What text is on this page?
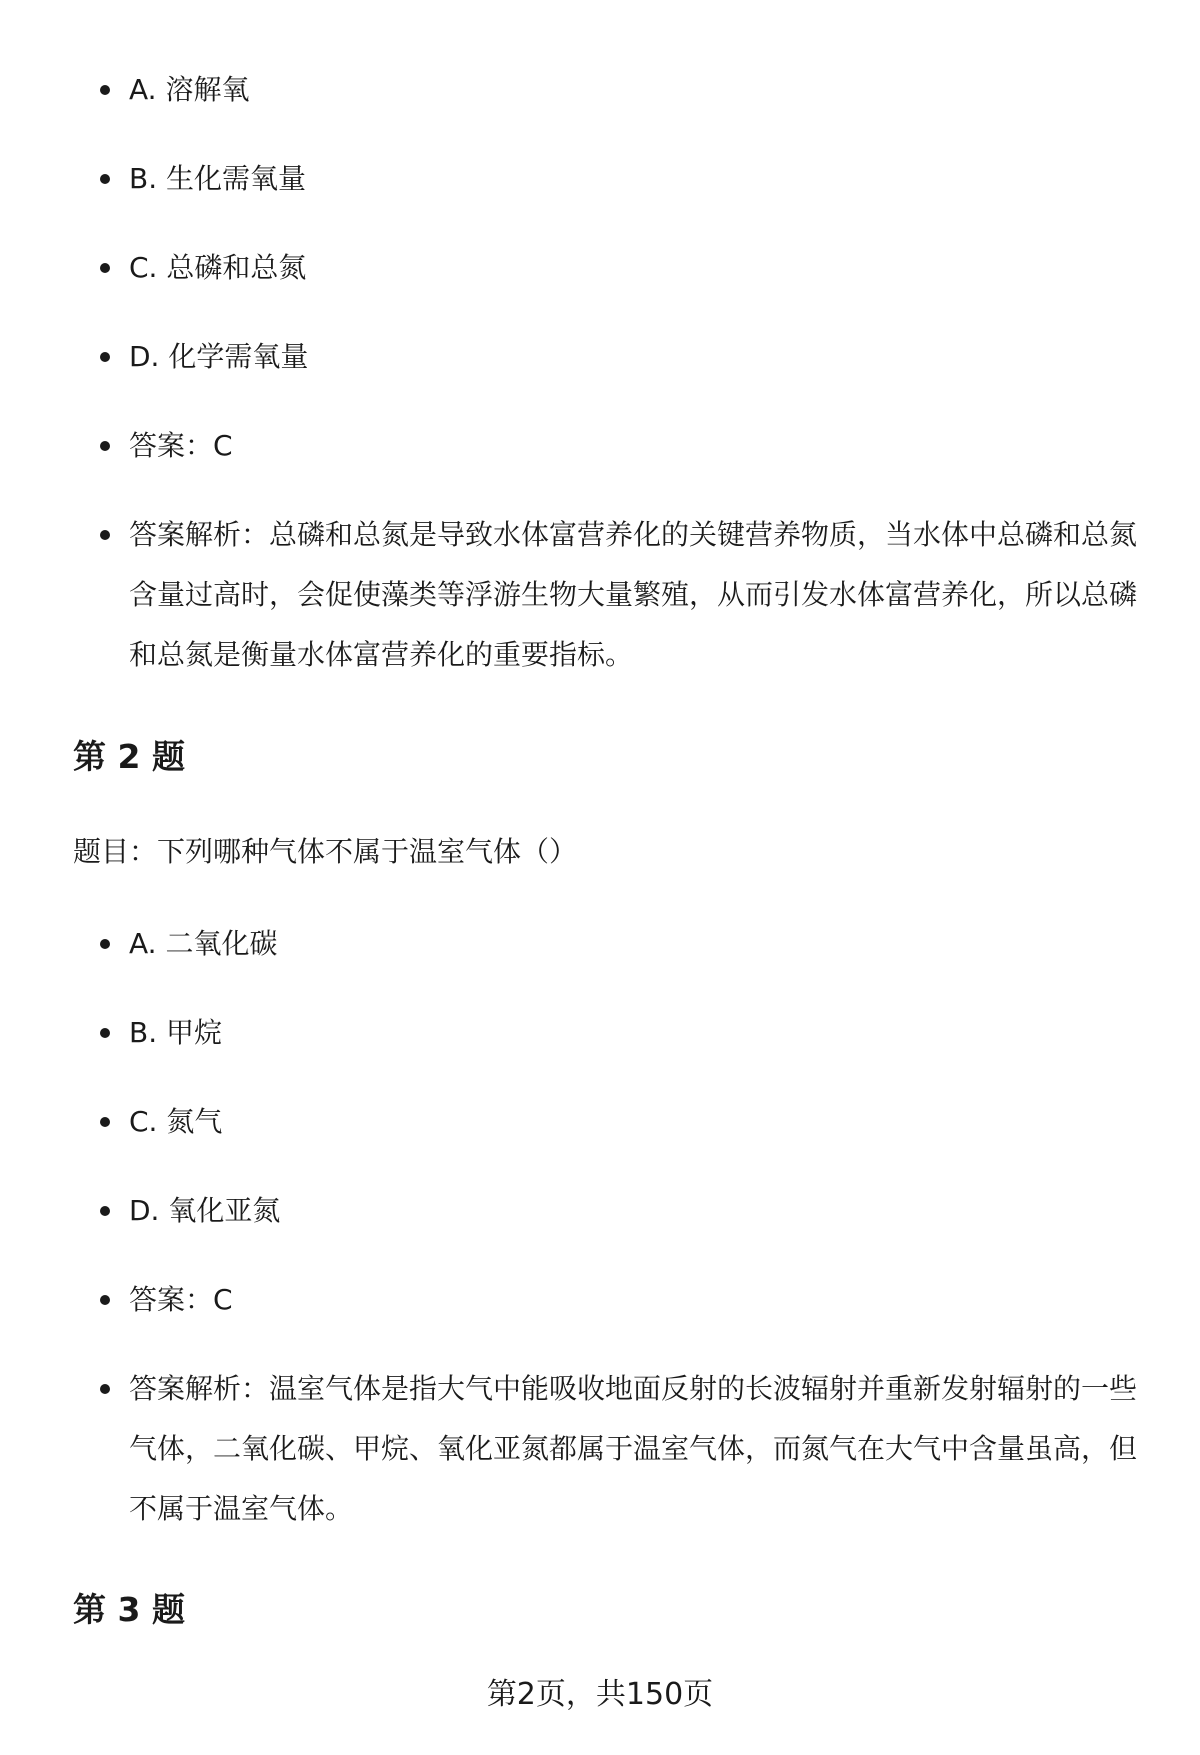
A. 溶解氧
B. 生化需氧量
C. 总磷和总氮
D. 化学需氧量
答案：C
答案解析：总磷和总氮是导致水体富营养化的关键营养物质，当水体中总磷和总氮含量过高时，会促使藻类等浮游生物大量繁殖，从而引发水体富营养化，所以总磷和总氮是衡量水体富营养化的重要指标。
第 2 题

题目：下列哪种气体不属于温室气体（）

A. 二氧化碳
B. 甲烷
C. 氮气
D. 氧化亚氮
答案：C
答案解析：温室气体是指大气中能吸收地面反射的长波辐射并重新发射辐射的一些气体，二氧化碳、甲烷、氧化亚氮都属于温室气体，而氮气在大气中含量虽高，但不属于温室气体。
第 3 题
第2页，共150页
